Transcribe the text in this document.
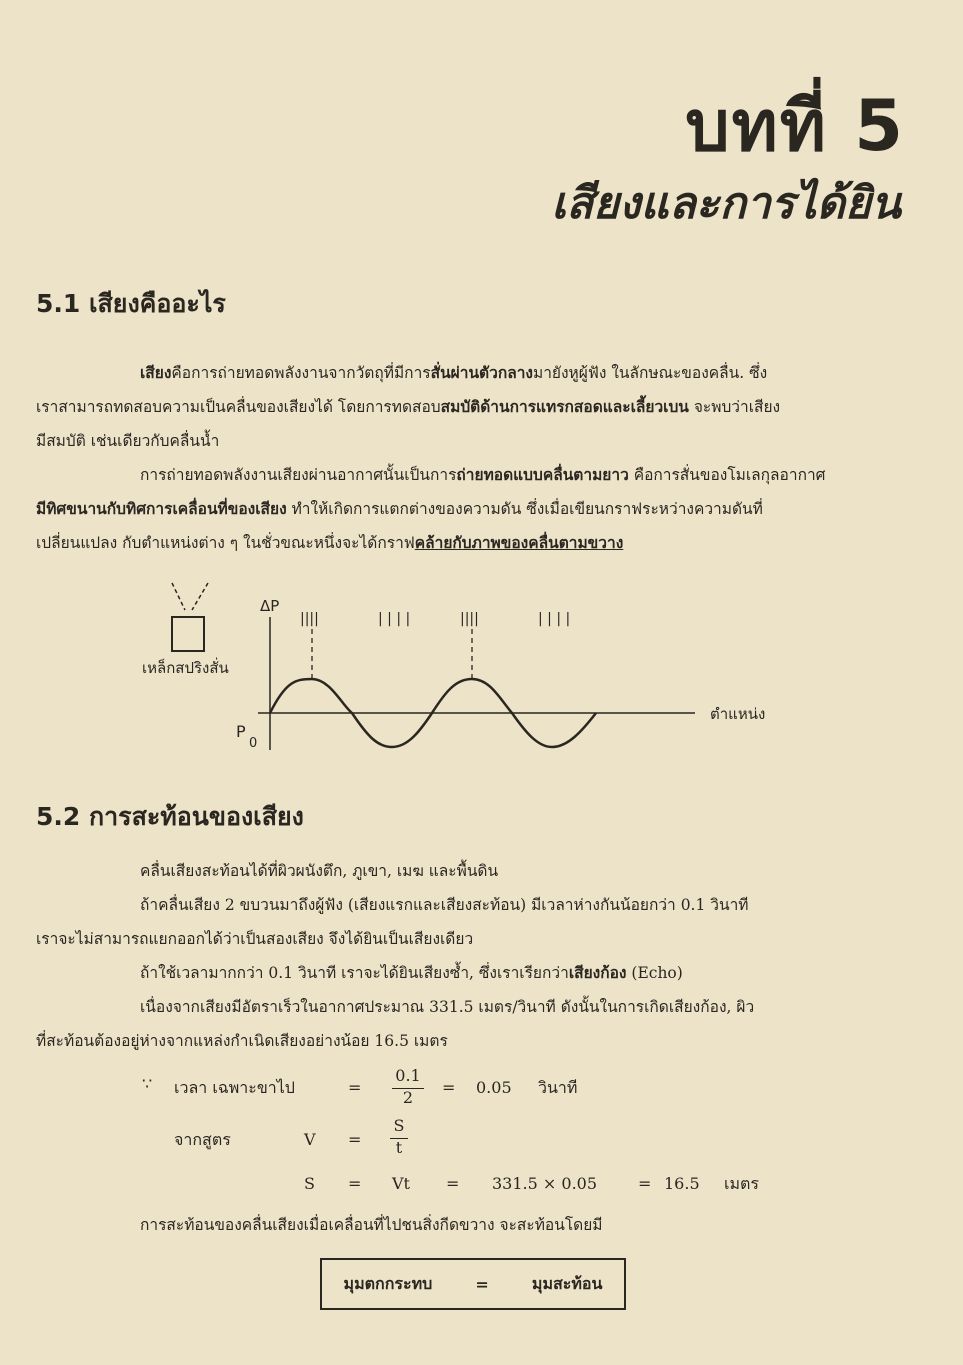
บทที่ 5
เสียงและการได้ยิน
5.1 เสียงคืออะไร
เสียงคือการถ่ายทอดพลังงานจากวัตถุที่มีการสั่นผ่านตัวกลางมายังหูผู้ฟัง ในลักษณะของคลื่น. ซึ่ง
เราสามารถทดสอบความเป็นคลื่นของเสียงได้ โดยการทดสอบสมบัติด้านการแทรกสอดและเลี้ยวเบน จะพบว่าเสียง
มีสมบัติ เช่นเดียวกับคลื่นน้ำ
การถ่ายทอดพลังงานเสียงผ่านอากาศนั้นเป็นการถ่ายทอดแบบคลื่นตามยาว คือการสั่นของโมเลกุลอากาศ
มีทิศขนานกับทิศการเคลื่อนที่ของเสียง ทำให้เกิดการแตกต่างของความดัน ซึ่งเมื่อเขียนกราฟระหว่างความดันที่
เปลี่ยนแปลง กับตำแหน่งต่าง ๆ ในชั่วขณะหนึ่งจะได้กราฟคล้ายกับภาพของคลื่นตามขวาง
เหล็กสปริงสั่น
ΔP
P
0
ตำแหน่ง
||||	| | | |	||||	| | | |
5.2 การสะท้อนของเสียง
คลื่นเสียงสะท้อนได้ที่ผิวผนังตึก, ภูเขา, เมฆ และพื้นดิน
ถ้าคลื่นเสียง 2 ขบวนมาถึงผู้ฟัง (เสียงแรกและเสียงสะท้อน) มีเวลาห่างกันน้อยกว่า 0.1 วินาที
เราจะไม่สามารถแยกออกได้ว่าเป็นสองเสียง จึงได้ยินเป็นเสียงเดียว
ถ้าใช้เวลามากกว่า 0.1 วินาที เราจะได้ยินเสียงซ้ำ, ซึ่งเราเรียกว่าเสียงก้อง (Echo)
เนื่องจากเสียงมีอัตราเร็วในอากาศประมาณ 331.5 เมตร/วินาที ดังนั้นในการเกิดเสียงก้อง, ผิว
ที่สะท้อนต้องอยู่ห่างจากแหล่งกำเนิดเสียงอย่างน้อย 16.5 เมตร
∵ เวลา เฉพาะขาไป	=
0.1
2
= 0.05 วินาที
จากสูตร	V =
S
t
S = Vt = 331.5 × 0.05	= 16.5 เมตร
การสะท้อนของคลื่นเสียงเมื่อเคลื่อนที่ไปชนสิ่งกีดขวาง จะสะท้อนโดยมี
มุมตกกระทบ	=	มุมสะท้อน
